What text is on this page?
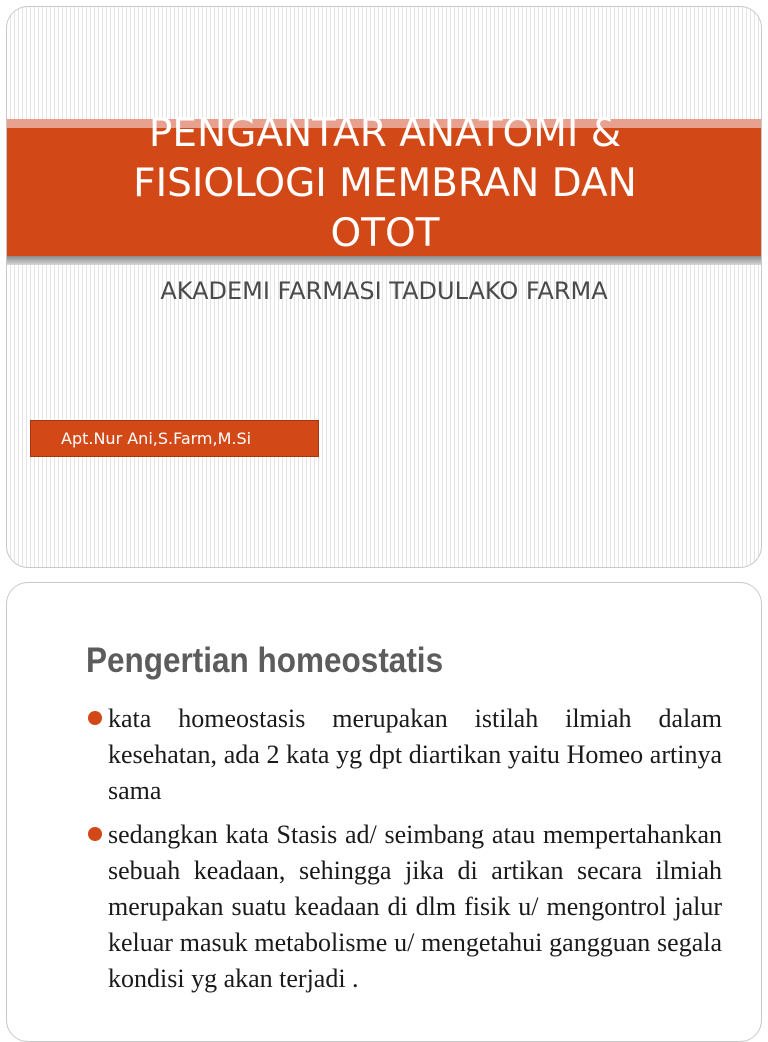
PENGANTAR ANATOMI &
FISIOLOGI MEMBRAN DAN
OTOT
AKADEMI FARMASI TADULAKO FARMA
Apt.Nur Ani,S.Farm,M.Si
Pengertian homeostatis
kata homeostasis merupakan istilah ilmiah dalam kesehatan, ada 2 kata yg dpt diartikan yaitu Homeo artinya sama
sedangkan kata Stasis ad/ seimbang atau mempertahankan sebuah keadaan, sehingga jika di artikan secara ilmiah merupakan suatu keadaan di dlm fisik u/ mengontrol jalur keluar masuk metabolisme u/ mengetahui gangguan segala kondisi yg akan terjadi .
